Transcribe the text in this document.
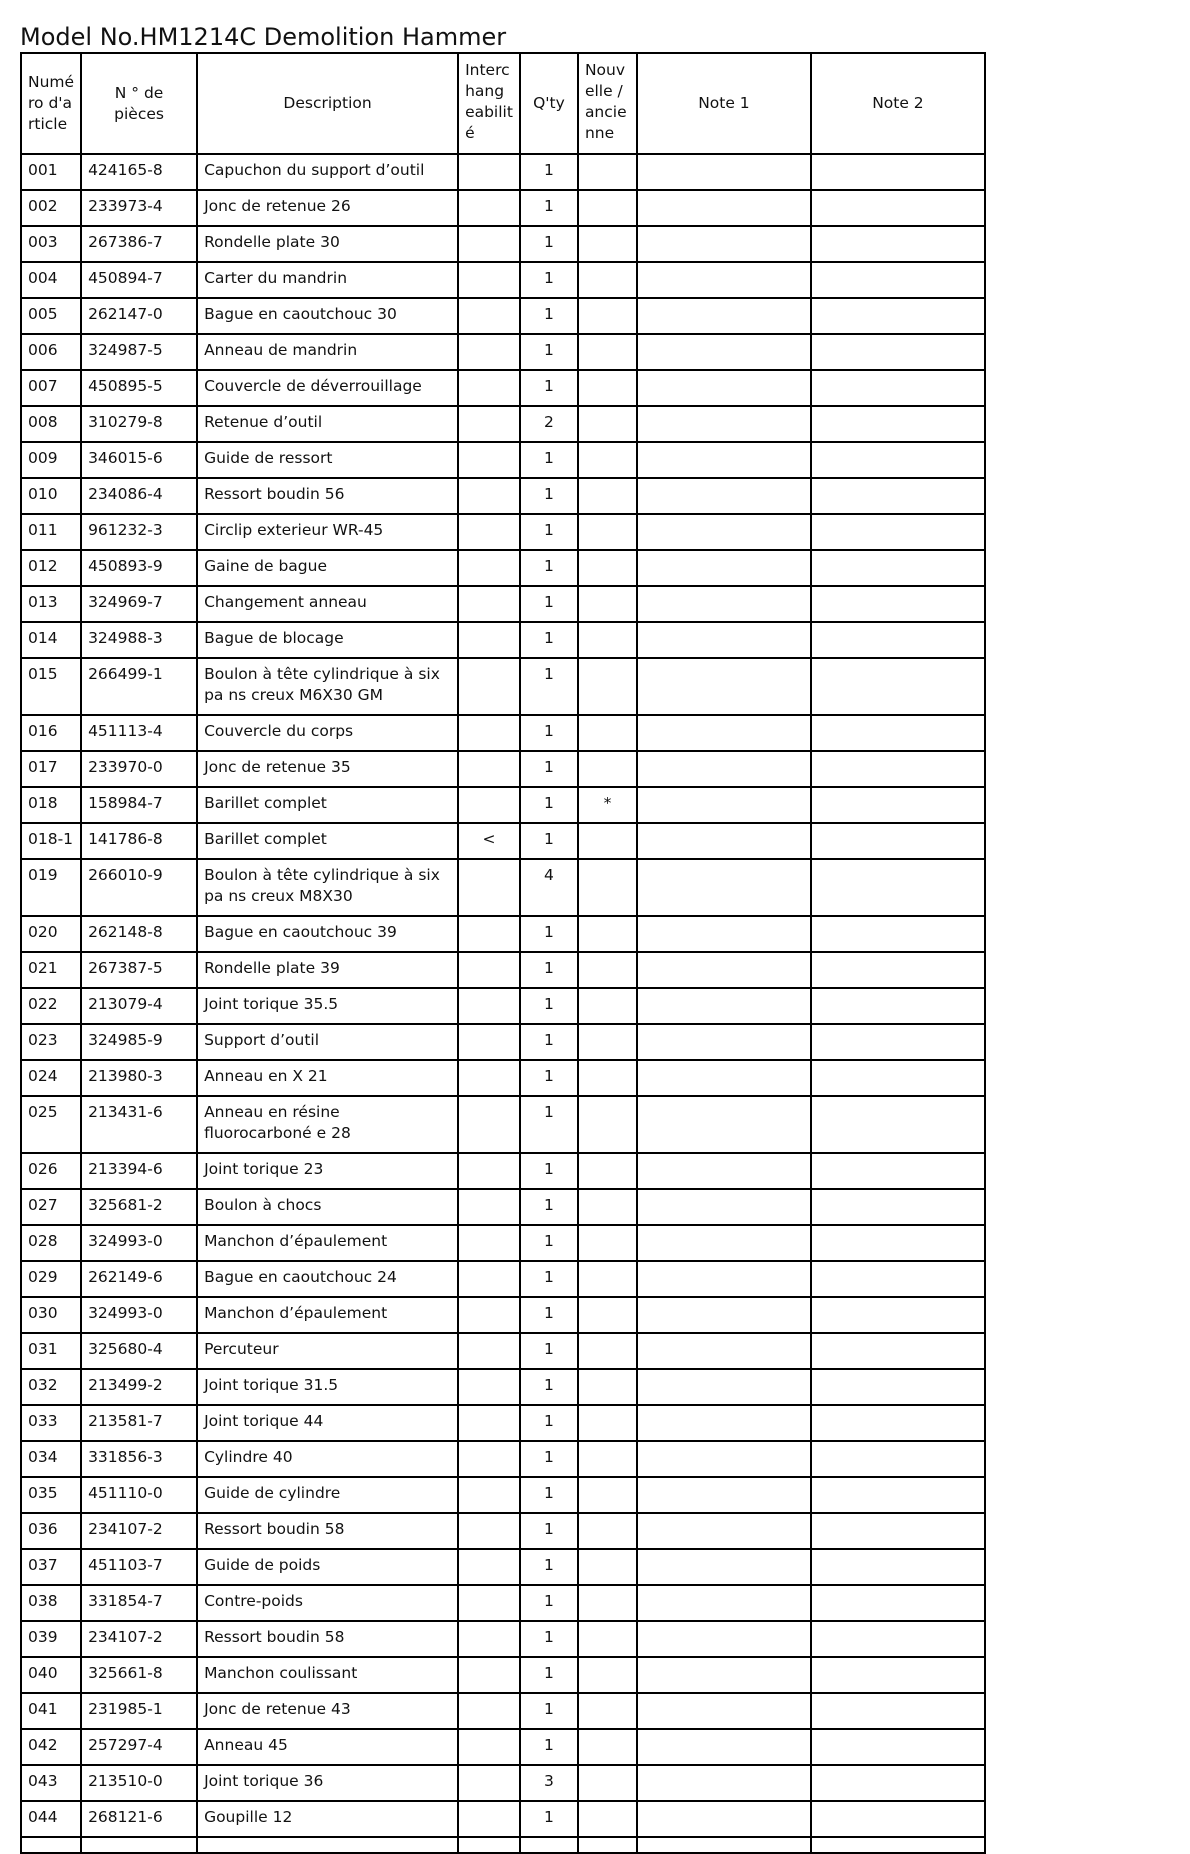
Model No.HM1214C Demolition Hammer
Numé ro d'a rticle	N ° de pièces	Description	Interc hang eabilit é	Q'ty	Nouv elle / ancie nne	Note 1	Note 2
001	424165-8	Capuchon du support d’outil		1			
002	233973-4	Jonc de retenue 26		1			
003	267386-7	Rondelle plate 30		1			
004	450894-7	Carter du mandrin		1			
005	262147-0	Bague en caoutchouc 30		1			
006	324987-5	Anneau de mandrin		1			
007	450895-5	Couvercle de déverrouillage		1			
008	310279-8	Retenue d’outil		2			
009	346015-6	Guide de ressort		1			
010	234086-4	Ressort boudin 56		1			
011	961232-3	Circlip exterieur WR-45		1			
012	450893-9	Gaine de bague		1			
013	324969-7	Changement anneau		1			
014	324988-3	Bague de blocage		1			
015	266499-1	Boulon à tête cylindrique à six pa ns creux M6X30 GM		1			
016	451113-4	Couvercle du corps		1			
017	233970-0	Jonc de retenue 35		1			
018	158984-7	Barillet complet		1	*		
018-1	141786-8	Barillet complet	<	1			
019	266010-9	Boulon à tête cylindrique à six pa ns creux M8X30		4			
020	262148-8	Bague en caoutchouc 39		1			
021	267387-5	Rondelle plate 39		1			
022	213079-4	Joint torique 35.5		1			
023	324985-9	Support d’outil		1			
024	213980-3	Anneau en X 21		1			
025	213431-6	Anneau en résine fluorocarboné e 28		1			
026	213394-6	Joint torique 23		1			
027	325681-2	Boulon à chocs		1			
028	324993-0	Manchon d’épaulement		1			
029	262149-6	Bague en caoutchouc 24		1			
030	324993-0	Manchon d’épaulement		1			
031	325680-4	Percuteur		1			
032	213499-2	Joint torique 31.5		1			
033	213581-7	Joint torique 44		1			
034	331856-3	Cylindre 40		1			
035	451110-0	Guide de cylindre		1			
036	234107-2	Ressort boudin 58		1			
037	451103-7	Guide de poids		1			
038	331854-7	Contre-poids		1			
039	234107-2	Ressort boudin 58		1			
040	325661-8	Manchon coulissant		1			
041	231985-1	Jonc de retenue 43		1			
042	257297-4	Anneau 45		1			
043	213510-0	Joint torique 36		3			
044	268121-6	Goupille 12		1			
